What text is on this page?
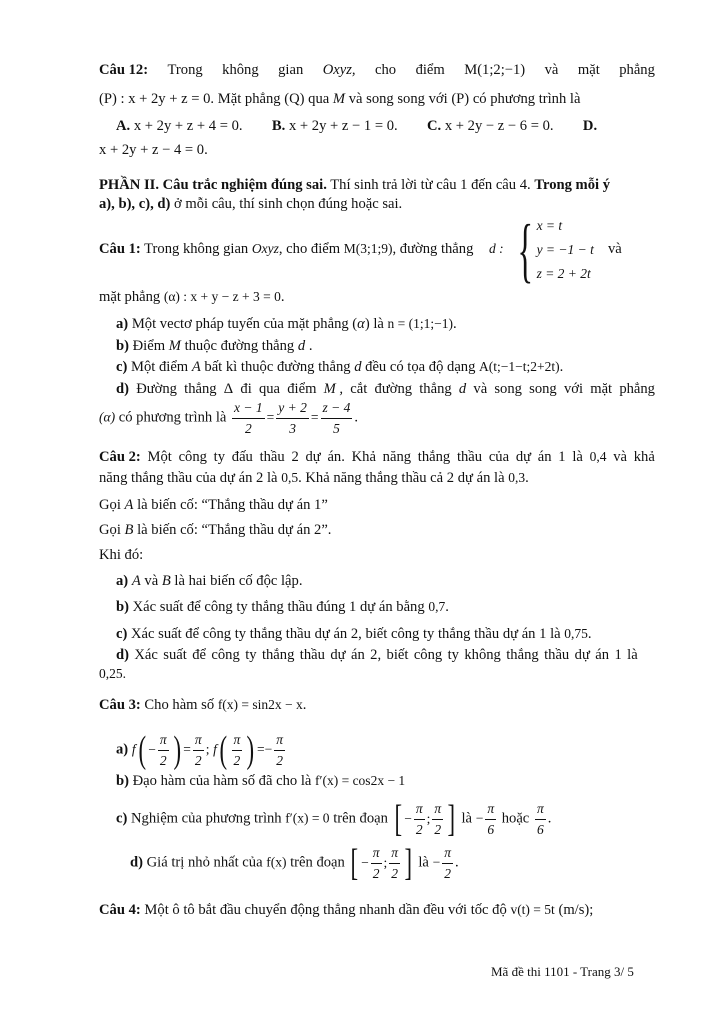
Câu 12: Trong không gian Oxyz, cho điểm M(1;2;−1) và mặt phẳng
(P) : x + 2y + z = 0. Mặt phẳng (Q) qua M và song song với (P) có phương trình là
A. x + 2y + z + 4 = 0. B. x + 2y + z − 1 = 0. C. x + 2y − z − 6 = 0. D.
x + 2y + z − 4 = 0.
PHẦN II. Câu trắc nghiệm đúng sai. Thí sinh trả lời từ câu 1 đến câu 4. Trong mỗi ý
a), b), c), d) ở mỗi câu, thí sinh chọn đúng hoặc sai.
Câu 1: Trong không gian Oxyz, cho điểm M(3;1;9), đường thẳng d : { x = t
y = −1 − t
z = 2 + 2t
và
mặt phẳng (α) : x + y − z + 3 = 0.
a) Một vectơ pháp tuyến của mặt phẳng (α) là n = (1;1;−1).
b) Điểm M thuộc đường thẳng d .
c) Một điểm A bất kì thuộc đường thẳng d đều có tọa độ dạng A(t;−1−t;2+2t).
d) Đường thẳng Δ đi qua điểm M , cắt đường thẳng d và song song với mặt phẳng
(α) có phương trình là $\frac{x - 1}{2} = \frac{y + 2}{3} = \frac{z - 4}{5}$ .
Câu 2: Một công ty đấu thầu 2 dự án. Khả năng thắng thầu của dự án 1 là 0,4 và khả
năng thắng thầu của dự án 2 là 0,5. Khả năng thắng thầu cả 2 dự án là 0,3.
Gọi A là biến cố: “Thắng thầu dự án 1”
Gọi B là biến cố: “Thắng thầu dự án 2”.
Khi đó:
a) A và B là hai biến cố độc lập.
b) Xác suất để công ty thắng thầu đúng 1 dự án bằng 0,7.
c) Xác suất để công ty thắng thầu dự án 2, biết công ty thắng thầu dự án 1 là 0,75.
d) Xác suất để công ty thắng thầu dự án 2, biết công ty không thắng thầu dự án 1 là
0,25.
Câu 3: Cho hàm số f(x) = sin2x − x.
a) f ( − $\frac{\pi}{2}$ ) = $\frac{\pi}{2}$ ; f ( $\frac{\pi}{2}$ ) =− $\frac{\pi}{2}$
b) Đạo hàm của hàm số đã cho là f′(x) = cos2x − 1
c) Nghiệm của phương trình f′(x) = 0 trên đoạn [ − $\frac{\pi}{2}$ ; $\frac{\pi}{2}$ ] là − $\frac{\pi}{6}$ hoặc $\frac{\pi}{6}$ .
d) Giá trị nhỏ nhất của f(x) trên đoạn [ − $\frac{\pi}{2}$ ; $\frac{\pi}{2}$ ] là − $\frac{\pi}{2}$ .
Câu 4: Một ô tô bắt đầu chuyển động thẳng nhanh dần đều với tốc độ v(t) = 5t (m/s);
Mã đề thi 1101 - Trang 3/ 5
